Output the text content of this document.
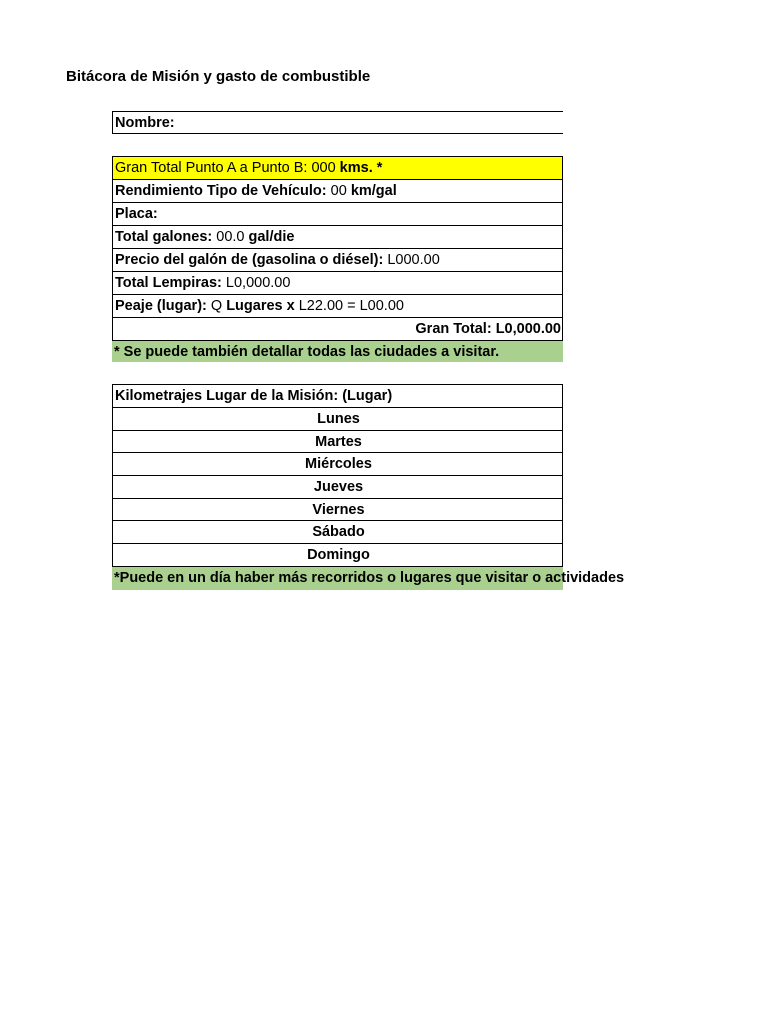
Bitácora de Misión y gasto de combustible
Nombre:
Gran Total Punto A a Punto B: 000 kms. *
Rendimiento Tipo de Vehículo: 00 km/gal
Placa:
Total galones: 00.0 gal/die
Precio del galón de (gasolina o diésel): L000.00
Total Lempiras: L0,000.00
Peaje (lugar): Q Lugares x L22.00 = L00.00
Gran Total: L0,000.00
* Se puede también detallar todas las ciudades a visitar.
Kilometrajes Lugar de la Misión: (Lugar)
Lunes
Martes
Miércoles
Jueves
Viernes
Sábado
Domingo
*Puede en un día haber más recorridos o lugares que visitar o actividades
